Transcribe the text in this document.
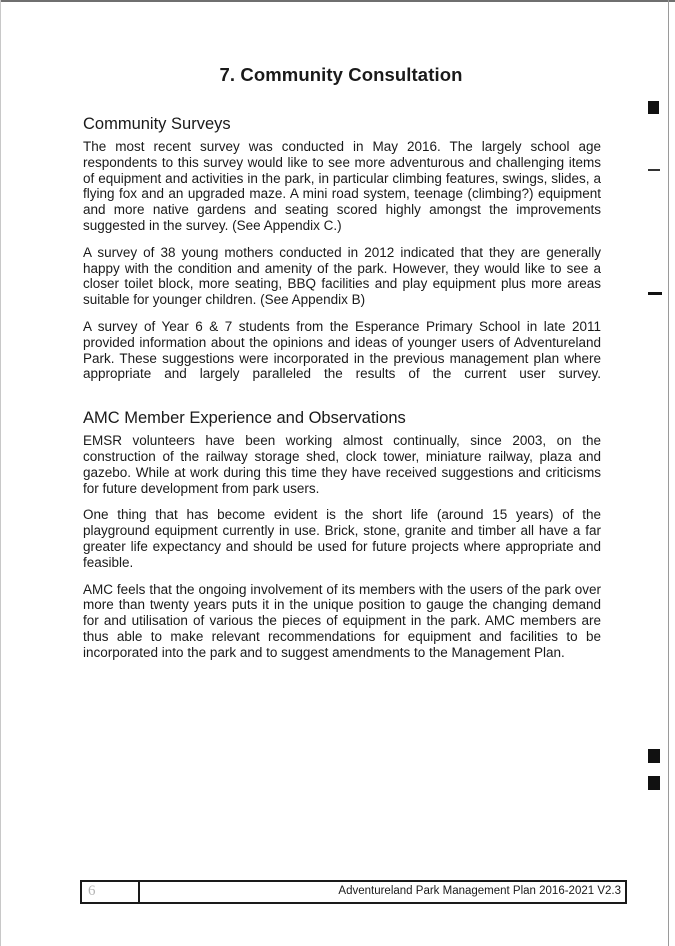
7. Community Consultation
Community Surveys

The most recent survey was conducted in May 2016. The largely school age respondents to this survey would like to see more adventurous and challenging items of equipment and activities in the park, in particular climbing features, swings, slides, a flying fox and an upgraded maze. A mini road system, teenage (climbing?) equipment and more native gardens and seating scored highly amongst the improvements suggested in the survey. (See Appendix C.)

A survey of 38 young mothers conducted in 2012 indicated that they are generally happy with the condition and amenity of the park. However, they would like to see a closer toilet block, more seating, BBQ facilities and play equipment plus more areas suitable for younger children. (See Appendix B)

A survey of Year 6 & 7 students from the Esperance Primary School in late 2011 provided information about the opinions and ideas of younger users of Adventureland Park. These suggestions were incorporated in the previous management plan where appropriate and largely paralleled the results of the current user survey.

AMC Member Experience and Observations

EMSR volunteers have been working almost continually, since 2003, on the construction of the railway storage shed, clock tower, miniature railway, plaza and gazebo. While at work during this time they have received suggestions and criticisms for future development from park users.

One thing that has become evident is the short life (around 15 years) of the playground equipment currently in use. Brick, stone, granite and timber all have a far greater life expectancy and should be used for future projects where appropriate and feasible.

AMC feels that the ongoing involvement of its members with the users of the park over more than twenty years puts it in the unique position to gauge the changing demand for and utilisation of various the pieces of equipment in the park. AMC members are thus able to make relevant recommendations for equipment and facilities to be incorporated into the park and to suggest amendments to the Management Plan.

6	Adventureland Park Management Plan 2016-2021 V2.3
